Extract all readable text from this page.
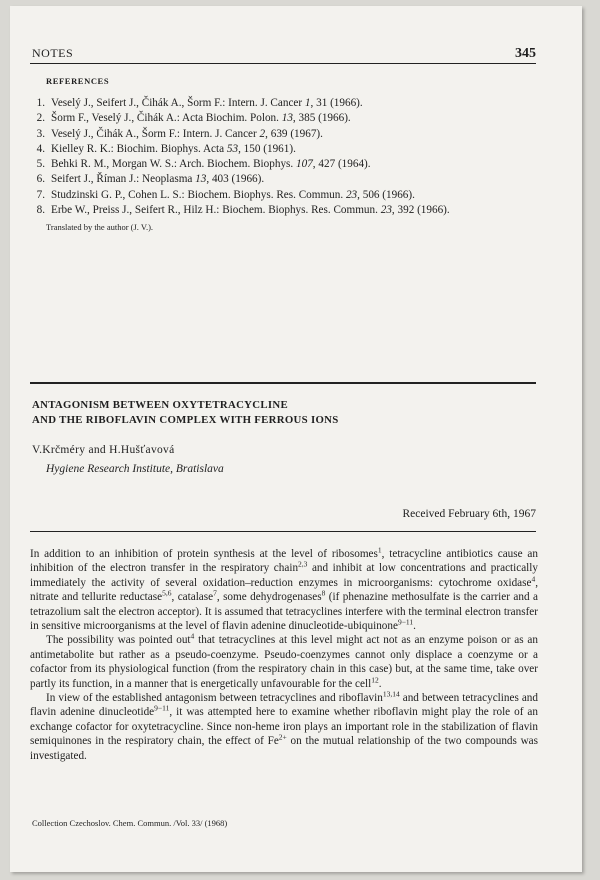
NOTES	345
REFERENCES
1. Veselý J., Seifert J., Čihák A., Šorm F.: Intern. J. Cancer 1, 31 (1966).
2. Šorm F., Veselý J., Čihák A.: Acta Biochim. Polon. 13, 385 (1966).
3. Veselý J., Čihák A., Šorm F.: Intern. J. Cancer 2, 639 (1967).
4. Kielley R. K.: Biochim. Biophys. Acta 53, 150 (1961).
5. Behki R. M., Morgan W. S.: Arch. Biochem. Biophys. 107, 427 (1964).
6. Seifert J., Říman J.: Neoplasma 13, 403 (1966).
7. Studzinski G. P., Cohen L. S.: Biochem. Biophys. Res. Commun. 23, 506 (1966).
8. Erbe W., Preiss J., Seifert R., Hilz H.: Biochem. Biophys. Res. Commun. 23, 392 (1966).
Translated by the author (J. V.).
ANTAGONISM BETWEEN OXYTETRACYCLINE
AND THE RIBOFLAVIN COMPLEX WITH FERROUS IONS
V.Krčméry and H.Hušťavová
Hygiene Research Institute, Bratislava
Received February 6th, 1967

In addition to an inhibition of protein synthesis at the level of ribosomes$^1$, tetracycline antibiotics cause an inhibition of the electron transfer in the respiratory chain$^{2,3}$ and inhibit at low concentrations and practically immediately the activity of several oxidation–reduction enzymes in microorganisms: cytochrome oxidase$^4$, nitrate and tellurite reductase$^{5,6}$, catalase$^7$, some dehydrogenases$^8$ (if phenazine methosulfate is the carrier and a tetrazolium salt the electron acceptor). It is assumed that tetracyclines interfere with the terminal electron transfer in sensitive microorganisms at the level of flavin adenine dinucleotide-ubiquinone$^{9-11}$.

The possibility was pointed out$^4$ that tetracyclines at this level might act not as an enzyme poison or as an antimetabolite but rather as a pseudo-coenzyme. Pseudo-coenzymes cannot only displace a coenzyme or a cofactor from its physiological function (from the respiratory chain in this case) but, at the same time, take over partly its function, in a manner that is energetically unfavourable for the cell$^{12}$.

In view of the established antagonism between tetracyclines and riboflavin$^{13,14}$ and between tetracyclines and flavin adenine dinucleotide$^{9-11}$, it was attempted here to examine whether riboflavin might play the role of an exchange cofactor for oxytetracycline. Since non-heme iron plays an important role in the stabilization of flavin semiquinones in the respiratory chain, the effect of $Fe^{2+}$ on the mutual relationship of the two compounds was investigated.

Collection Czechoslov. Chem. Commun. /Vol. 33/ (1968)
